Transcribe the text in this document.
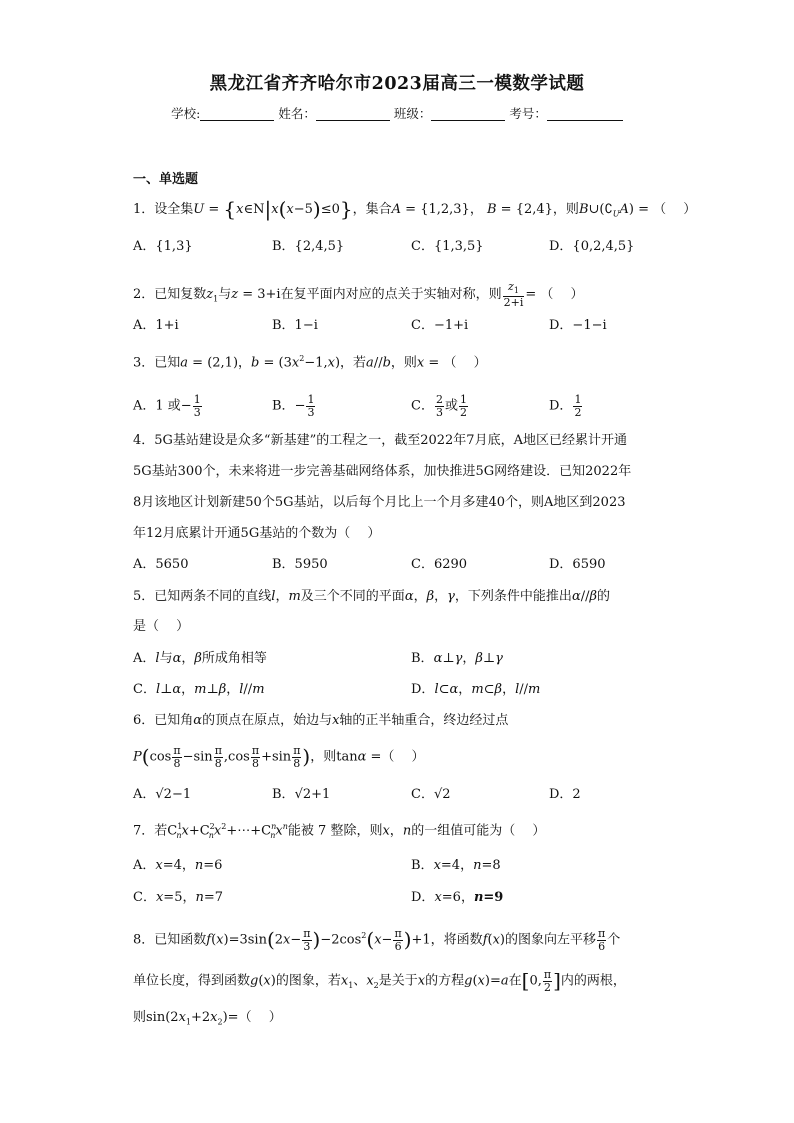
黑龙江省齐齐哈尔市2023届高三一模数学试题
学校:	姓名：	班级：	考号：
一、单选题
1．设全集U = {x∈N|x(x−5)≤0}，集合A = {1,2,3}， B = {2,4}，则$B\cup(∁_UA)$ = （　 ）
A．{1,3}	B．{2,4,5}	C．{1,3,5}	D．{0,2,4,5}
2．已知复数$z_1$与z = 3+i在复平面内对应的点关于实轴对称，则 $\frac{z_1}{2+i}$ = （　 ）
A．1+i	B．1−i	C．−1+i	D．−1−i
3．已知a = (2,1)，$b = (3x^2-1,x)$，若a//b，则x = （　 ）
A．1 或− $\frac{1}{3}$	B．− $\frac{1}{3}$	C． $\frac{2}{3}$ 或 $\frac{1}{2}$	D． $\frac{1}{2}$
4．5G基站建设是众多“新基建”的工程之一，截至2022年7月底，A地区已经累计开通
5G基站300个，未来将进一步完善基础网络体系，加快推进5G网络建设．已知2022年
8月该地区计划新建50个5G基站，以后每个月比上一个月多建40个，则A地区到2023
年12月底累计开通5G基站的个数为（　 ）
A．5650	B．5950	C．6290	D．6590
5．已知两条不同的直线l，m及三个不同的平面α，β，γ，下列条件中能推出α//β的
是（　 ）
A．l与α，β所成角相等	B．α⊥γ，β⊥γ
C．l⊥α，m⊥β，l//m	D．l⊂α，m⊂β，l//m
6．已知角α的顶点在原点，始边与x轴的正半轴重合，终边经过点
$P(\cos \frac{\pi}{8} -\sin \frac{\pi}{8} ,\cos \frac{\pi}{8} +\sin \frac{\pi}{8}$ )，则tanα =（　 ）
A．√2−1	B．√2+1	C．√2	D．2
7．若$C^1_nx+C^2_nx^2+\cdots+C^n_nx^n$能被 7 整除，则x，n的一组值可能为（　 ）
A．x=4，n=6	B．x=4，n=8
C．x=5，n=7	D．x=6，n=9
8．已知函数$f(x)=3\sin(2x- \frac{\pi}{3} )-2\cos^2(x- \frac{\pi}{6} )+1$，将函数f(x)的图象向左平移 $\frac{\pi}{6}$ 个
单位长度，得到函数g(x)的图象，若$x_1$、$x_2$是关于x的方程g(x)=a在[0, $\frac{\pi}{2}$ ]内的两根，
则$\sin(2x_1+2x_2)=$（　 ）
